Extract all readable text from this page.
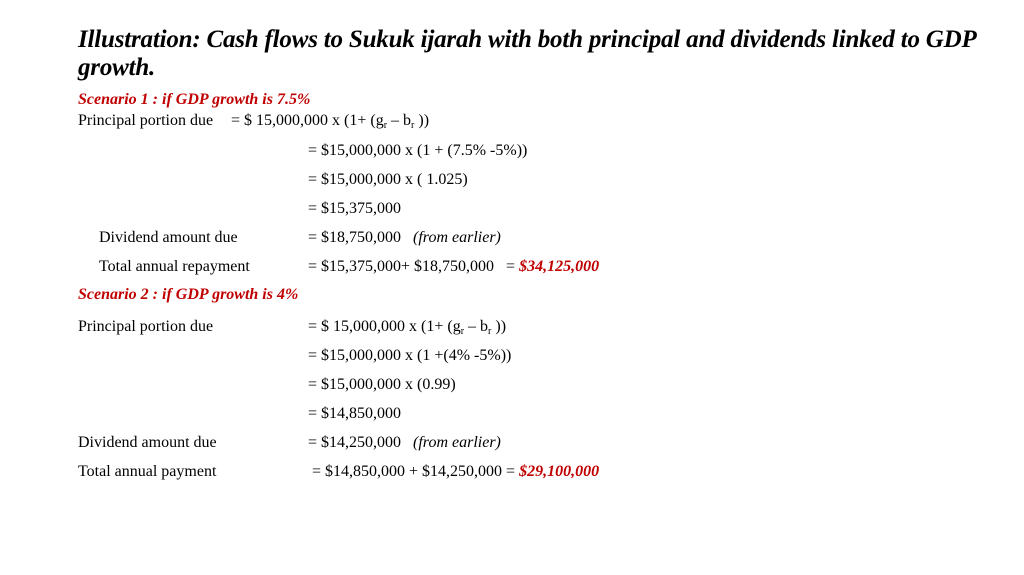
Illustration: Cash flows to Sukuk ijarah with both principal and dividends linked to GDP growth.
Scenario 1 : if GDP growth is 7.5%
Principal portion due = $ 15,000,000 x ($1+ (g_r - b_r$ ))
= $15,000,000 x (1 + (7.5% -5%))
= $15,000,000 x ( 1.025)
= $15,375,000
Dividend amount due	= $18,750,000 (from earlier)
Total annual repayment	= $15,375,000+ $18,750,000   = $34,125,000
Scenario 2 : if GDP growth is 4%
Principal portion due	= $ 15,000,000 x ($1+ (g_r - b_r$ ))
= $15,000,000 x (1 +(4% -5%))
= $15,000,000 x (0.99)
= $14,850,000
Dividend amount due	= $14,250,000 (from earlier)
Total annual payment	= $14,850,000 + $14,250,000 = $29,100,000
